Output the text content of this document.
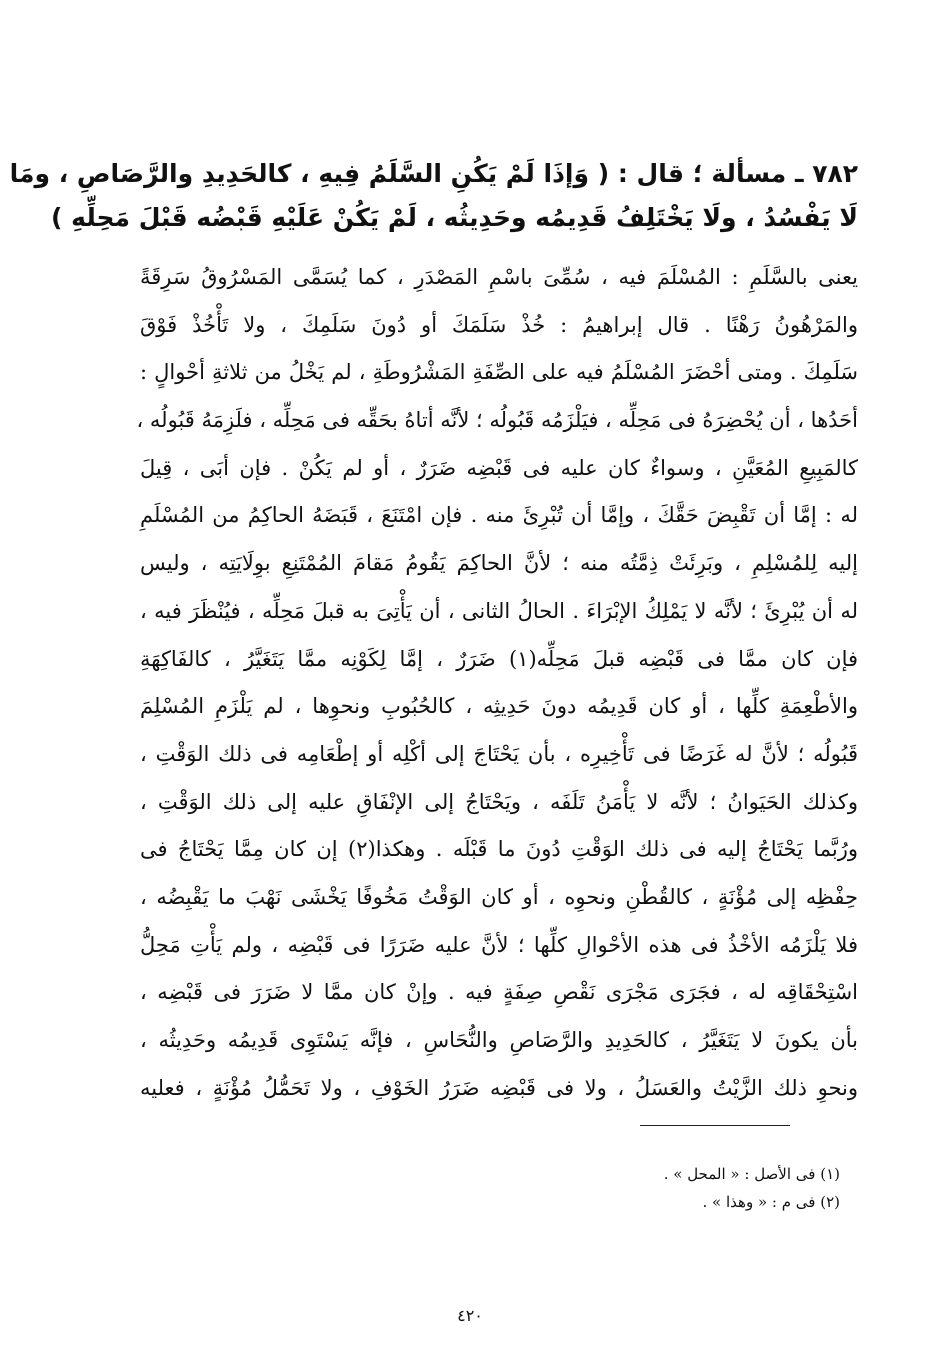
٧٨٢ ـ مسألة ؛ قال : ( وَإذَا لَمْ يَكُنِ السَّلَمُ فِيهِ ، كالحَدِيدِ والرَّصَاصِ ، ومَا
لَا يَفْسُدُ ، ولَا يَخْتَلِفُ قَدِيمُه وحَدِيثُه ، لَمْ يَكُنْ عَلَيْهِ قَبْضُه قَبْلَ مَحِلِّهِ )
يعنى بالسَّلَمِ : المُسْلَمَ فيه ، سُمِّىَ باسْمِ المَصْدَرِ ، كما يُسَمَّى المَسْرُوقُ سَرِقَةً
والمَرْهُونُ رَهْنًا . قال إبراهيمُ : خُذْ سَلَمَكَ أو دُونَ سَلَمِكَ ، ولا تَأْخُذْ فَوْقَ
سَلَمِكَ . ومتى أحْضَرَ المُسْلَمُ فيه على الصِّفَةِ المَشْرُوطَةِ ، لم يَخْلُ من ثلاثةِ أحْوالٍ :
أحَدُها ، أن يُحْضِرَهُ فى مَحِلِّه ، فيَلْزَمُه قَبُولُه ؛ لأنَّه أتاهُ بحَقِّه فى مَحِلِّه ، فلَزِمَهُ قَبُولُه ،
كالمَبِيعِ المُعَيَّنِ ، وسواءٌ كان عليه فى قَبْضِه ضَرَرٌ ، أو لم يَكُنْ . فإن أبَى ، قِيلَ
له : إمَّا أن تَقْبِضَ حَقَّكَ ، وإمَّا أن تُبْرِئَ منه . فإن امْتَنَعَ ، قَبَضَهُ الحاكِمُ من المُسْلَمِ
إليه لِلمُسْلِمِ ، وبَرِئَتْ ذِمَّتُه منه ؛ لأنَّ الحاكِمَ يَقُومُ مَقامَ المُمْتَنِعِ بوِلَايَتِه ، وليس
له أن يُبْرِئَ ؛ لأنَّه لا يَمْلِكُ الإبْرَاءَ . الحالُ الثانى ، أن يَأْتِىَ به قبلَ مَحِلِّه ، فيُنْظَرَ فيه ،
فإن كان ممَّا فى قَبْضِه قبلَ مَحِلِّه(١) ضَرَرٌ ، إمَّا لِكَوْنِه ممَّا يَتَغَيَّرُ ، كالفَاكِهَةِ
والأطْعِمَةِ كلِّها ، أو كان قَدِيمُه دونَ حَدِيثِه ، كالحُبُوبِ ونحوِها ، لم يَلْزَمِ المُسْلِمَ
قَبُولُه ؛ لأنَّ له غَرَضًا فى تَأْخِيرِه ، بأن يَحْتَاجَ إلى أكْلِه أو إطْعَامِه فى ذلك الوَقْتِ ،
وكذلك الحَيَوانُ ؛ لأنَّه لا يَأْمَنُ تَلَفَه ، ويَحْتَاجُ إلى الإنْفَاقِ عليه إلى ذلك الوَقْتِ ،
ورُبَّما يَحْتَاجُ إليه فى ذلك الوَقْتِ دُونَ ما قَبْلَه . وهكذا(٢) إن كان مِمَّا يَحْتَاجُ فى
حِفْظِه إلى مُؤْنَةٍ ، كالقُطْنِ ونحوِه ، أو كان الوَقْتُ مَخُوفًا يَخْشَى نَهْبَ ما يَقْبِضُه ،
فلا يَلْزَمُه الأخْذُ فى هذه الأحْوالِ كلِّها ؛ لأنَّ عليه ضَرَرًا فى قَبْضِه ، ولم يَأْتِ مَحِلُّ
اسْتِحْقَاقِه له ، فجَرَى مَجْرَى نَقْصِ صِفَةٍ فيه . وإنْ كان ممَّا لا ضَرَرَ فى قَبْضِه ،
بأن يكونَ لا يَتَغَيَّرُ ، كالحَدِيدِ والرَّصَاصِ والنُّحَاسِ ، فإنَّه يَسْتَوِى قَدِيمُه وحَدِيثُه ،
ونحوِ ذلك الزَّيْتُ والعَسَلُ ، ولا فى قَبْضِه ضَرَرُ الخَوْفِ ، ولا تَحَمُّلُ مُؤْنَةٍ ، فعليه
(١) فى الأصل : « المحل » .
(٢) فى م : « وهذا » .
٤٢٠
